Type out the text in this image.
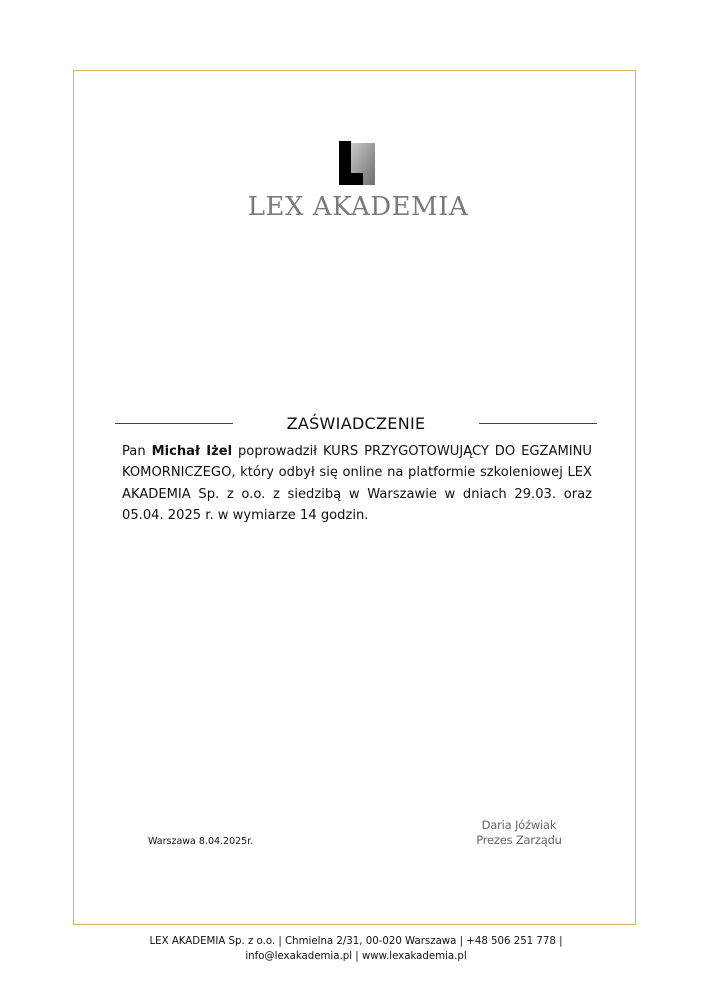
LEX AKADEMIA
ZAŚWIADCZENIE
Pan Michał Iżel poprowadził KURS PRZYGOTOWUJĄCY DO EGZAMINU KOMORNICZEGO, który odbył się online na platformie szkoleniowej LEX AKADEMIA Sp. z o.o. z siedzibą w Warszawie w dniach 29.03. oraz 05.04. 2025 r. w wymiarze 14 godzin.
Warszawa 8.04.2025r.
Daria Jóźwiak
Prezes Zarządu
LEX AKADEMIA Sp. z o.o. | Chmielna 2/31, 00-020 Warszawa | +48 506 251 778 |
info@lexakademia.pl | www.lexakademia.pl
